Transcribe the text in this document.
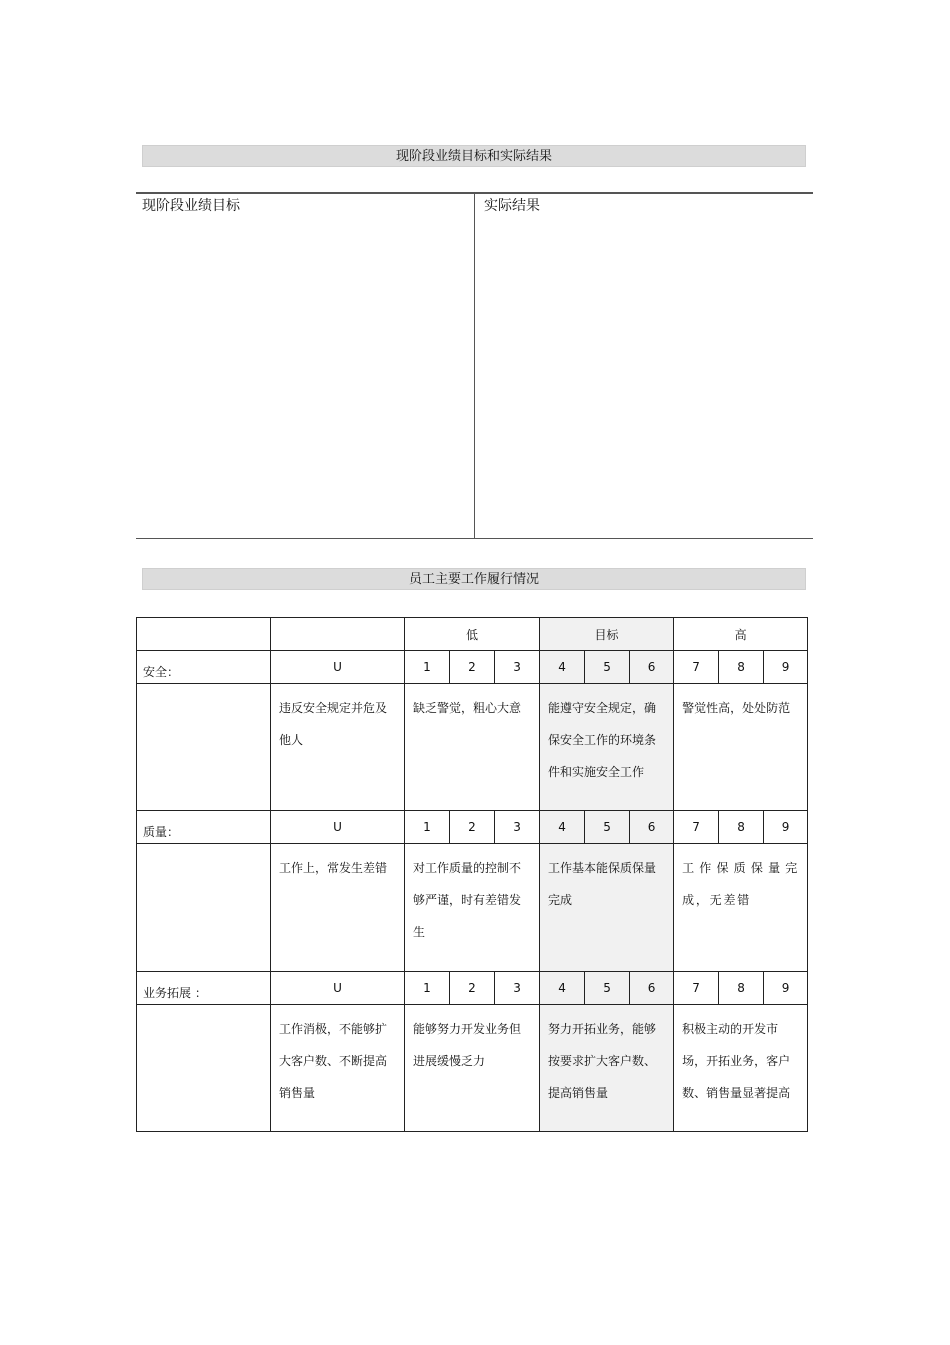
现阶段业绩目标和实际结果
现阶段业绩目标	实际结果
员工主要工作履行情况
		低			目标			高		
安全：	U	1	2	3	4	5	6	7	8	9
	违反安全规定并危及他人	缺乏警觉，粗心大意			能遵守安全规定，确保安全工作的环境条件和实施安全工作			警觉性高，处处防范		
质量：	U	1	2	3	4	5	6	7	8	9
	工作上，常发生差错	对工作质量的控制不够严谨，时有差错发生			工作基本能保质保量完成			工作保质保量完成，无差错		
业务拓展 ：	U	1	2	3	4	5	6	7	8	9
	工作消极，不能够扩大客户数、不断提高销售量	能够努力开发业务但进展缓慢乏力			努力开拓业务，能够按要求扩大客户数、提高销售量			积极主动的开发市场，开拓业务，客户数、销售量显著提高		
